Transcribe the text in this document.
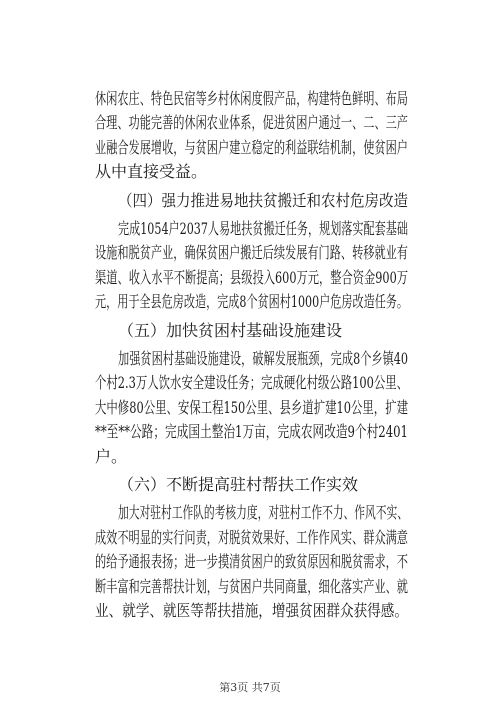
休闲农庄、特色民宿等乡村休闲度假产品，构建特色鲜明、布局
合理、功能完善的休闲农业体系，促进贫困户通过一、二、三产
业融合发展增收，与贫困户建立稳定的利益联结机制，使贫困户
从中直接受益。
（四）强力推进易地扶贫搬迁和农村危房改造
完成1054户2037人易地扶贫搬迁任务，规划落实配套基础
设施和脱贫产业，确保贫困户搬迁后续发展有门路、转移就业有
渠道、收入水平不断提高；县级投入600万元，整合资金900万
元，用于全县危房改造，完成8个贫困村1000户危房改造任务。
（五）加快贫困村基础设施建设
加强贫困村基础设施建设，破解发展瓶颈，完成8个乡镇40
个村2.3万人饮水安全建设任务；完成硬化村级公路100公里、
大中修80公里、安保工程150公里、县乡道扩建10公里，扩建
**至**公路；完成国土整治1万亩，完成农网改造9个村2401
户。
（六）不断提高驻村帮扶工作实效
加大对驻村工作队的考核力度，对驻村工作不力、作风不实、
成效不明显的实行问责，对脱贫效果好、工作作风实、群众满意
的给予通报表扬；进一步摸清贫困户的致贫原因和脱贫需求，不
断丰富和完善帮扶计划，与贫困户共同商量，细化落实产业、就
业、就学、就医等帮扶措施，增强贫困群众获得感。
第3页 共7页
